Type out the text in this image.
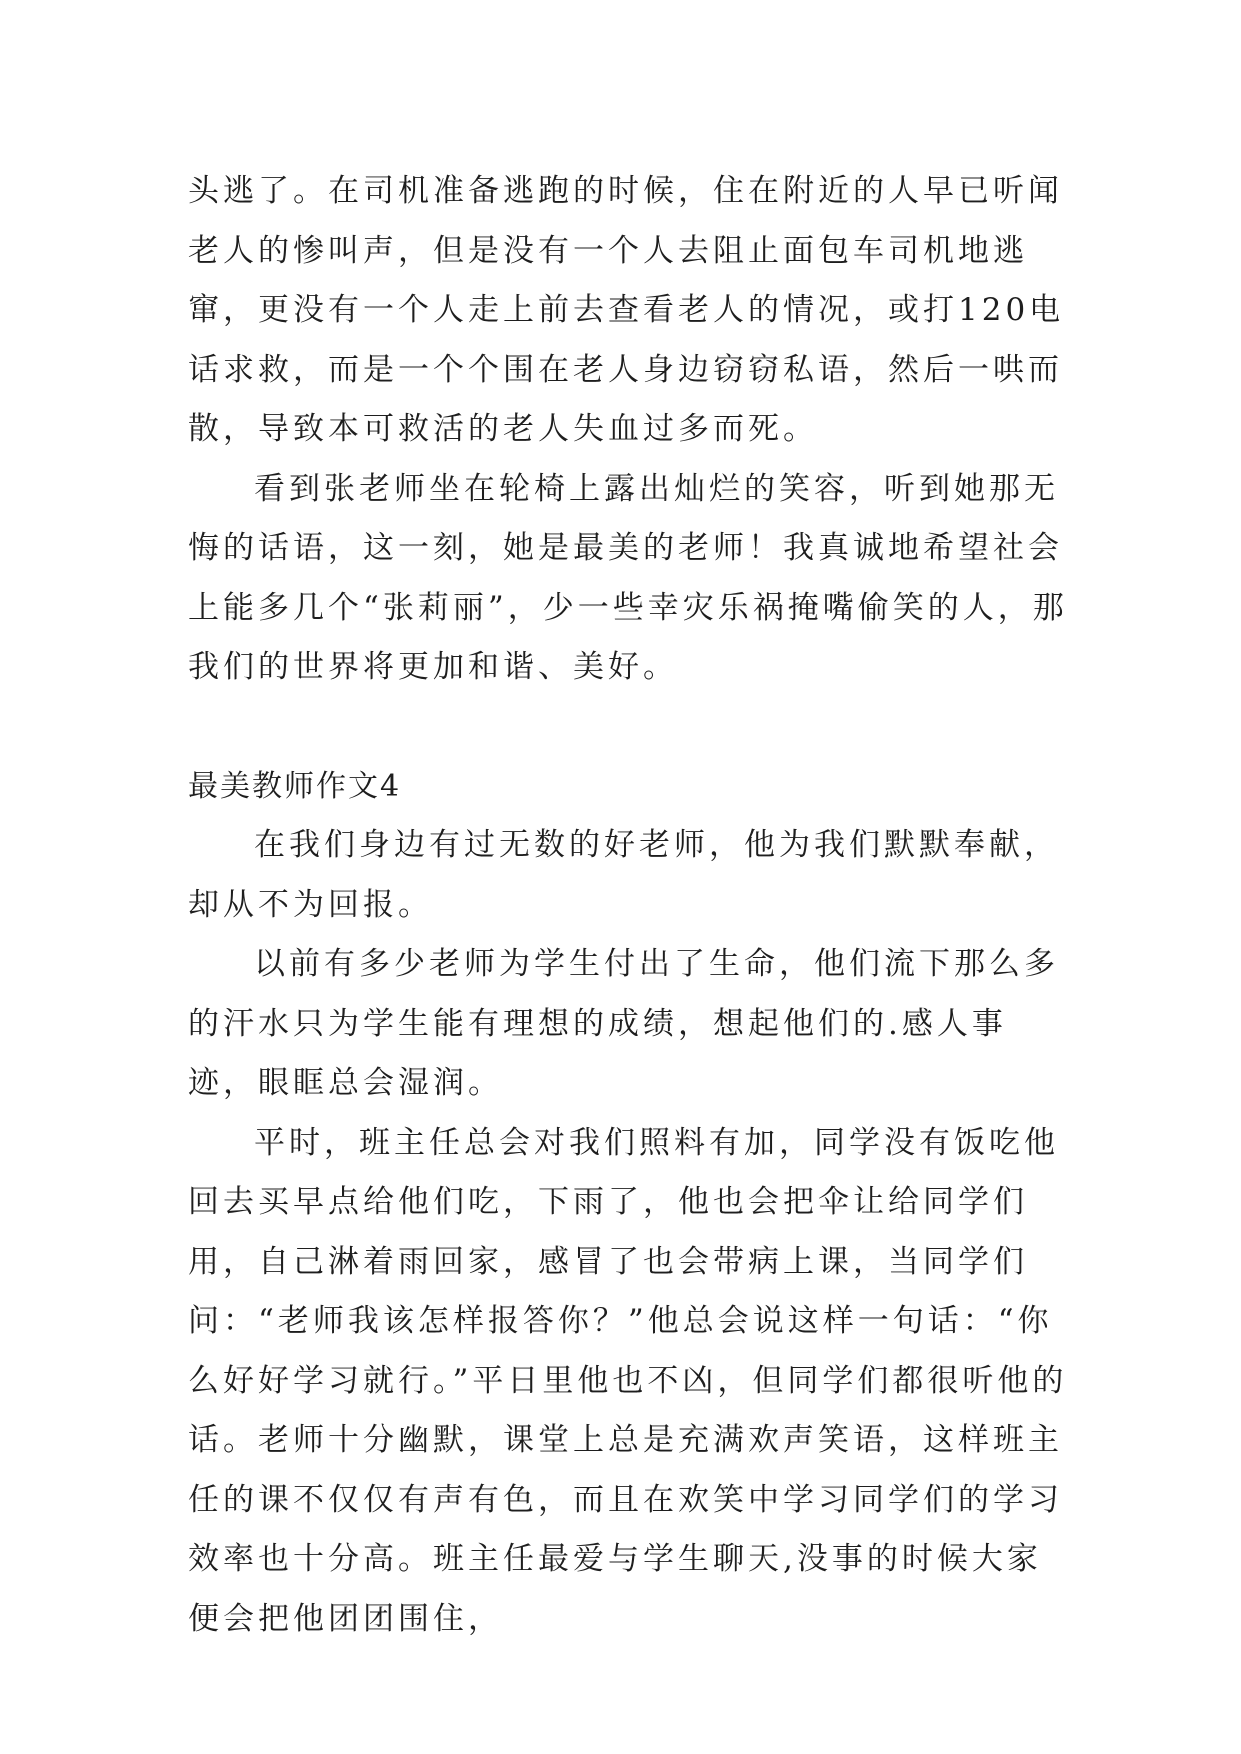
头逃了。在司机准备逃跑的时候，住在附近的人早已听闻老人的惨叫声，但是没有一个人去阻止面包车司机地逃窜，更没有一个人走上前去查看老人的情况，或打120电话求救，而是一个个围在老人身边窃窃私语，然后一哄而散，导致本可救活的老人失血过多而死。

看到张老师坐在轮椅上露出灿烂的笑容，听到她那无悔的话语，这一刻，她是最美的老师！我真诚地希望社会上能多几个“张莉丽”，少一些幸灾乐祸掩嘴偷笑的人，那我们的世界将更加和谐、美好。

最美教师作文4

在我们身边有过无数的好老师，他为我们默默奉献，却从不为回报。

以前有多少老师为学生付出了生命，他们流下那么多的汗水只为学生能有理想的成绩，想起他们的.感人事迹，眼眶总会湿润。

平时，班主任总会对我们照料有加，同学没有饭吃他回去买早点给他们吃，下雨了，他也会把伞让给同学们用，自己淋着雨回家，感冒了也会带病上课，当同学们问：“老师我该怎样报答你？”他总会说这样一句话：“你么好好学习就行。”平日里他也不凶，但同学们都很听他的话。老师十分幽默，课堂上总是充满欢声笑语，这样班主任的课不仅仅有声有色，而且在欢笑中学习同学们的学习效率也十分高。班主任最爱与学生聊天,没事的时候大家便会把他团团围住，
